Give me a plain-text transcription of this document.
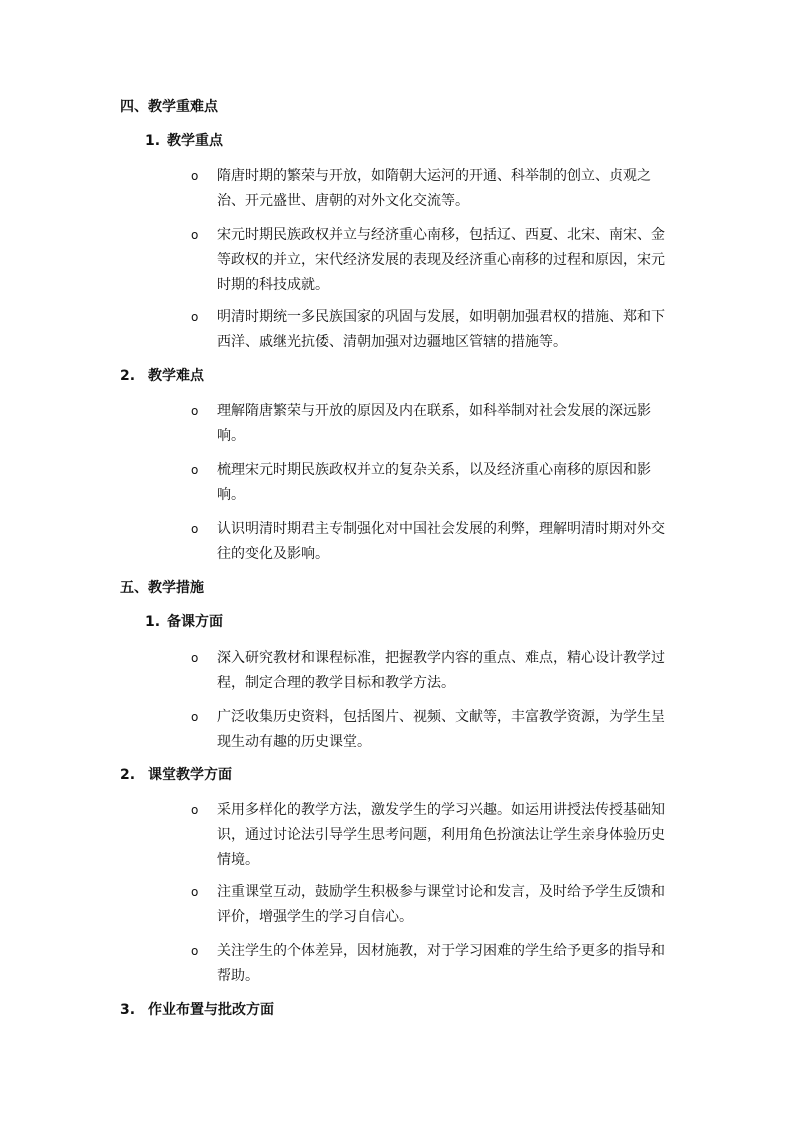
四、教学重难点
1. 教学重点
o 隋唐时期的繁荣与开放，如隋朝大运河的开通、科举制的创立、贞观之治、开元盛世、唐朝的对外文化交流等。
o 宋元时期民族政权并立与经济重心南移，包括辽、西夏、北宋、南宋、金等政权的并立，宋代经济发展的表现及经济重心南移的过程和原因，宋元时期的科技成就。
o 明清时期统一多民族国家的巩固与发展，如明朝加强君权的措施、郑和下西洋、戚继光抗倭、清朝加强对边疆地区管辖的措施等。
2. 教学难点
o 理解隋唐繁荣与开放的原因及内在联系，如科举制对社会发展的深远影响。
o 梳理宋元时期民族政权并立的复杂关系，以及经济重心南移的原因和影响。
o 认识明清时期君主专制强化对中国社会发展的利弊，理解明清时期对外交往的变化及影响。
五、教学措施
1. 备课方面
o 深入研究教材和课程标准，把握教学内容的重点、难点，精心设计教学过程，制定合理的教学目标和教学方法。
o 广泛收集历史资料，包括图片、视频、文献等，丰富教学资源，为学生呈现生动有趣的历史课堂。
2. 课堂教学方面
o 采用多样化的教学方法，激发学生的学习兴趣。如运用讲授法传授基础知识，通过讨论法引导学生思考问题，利用角色扮演法让学生亲身体验历史情境。
o 注重课堂互动，鼓励学生积极参与课堂讨论和发言，及时给予学生反馈和评价，增强学生的学习自信心。
o 关注学生的个体差异，因材施教，对于学习困难的学生给予更多的指导和帮助。
3. 作业布置与批改方面
